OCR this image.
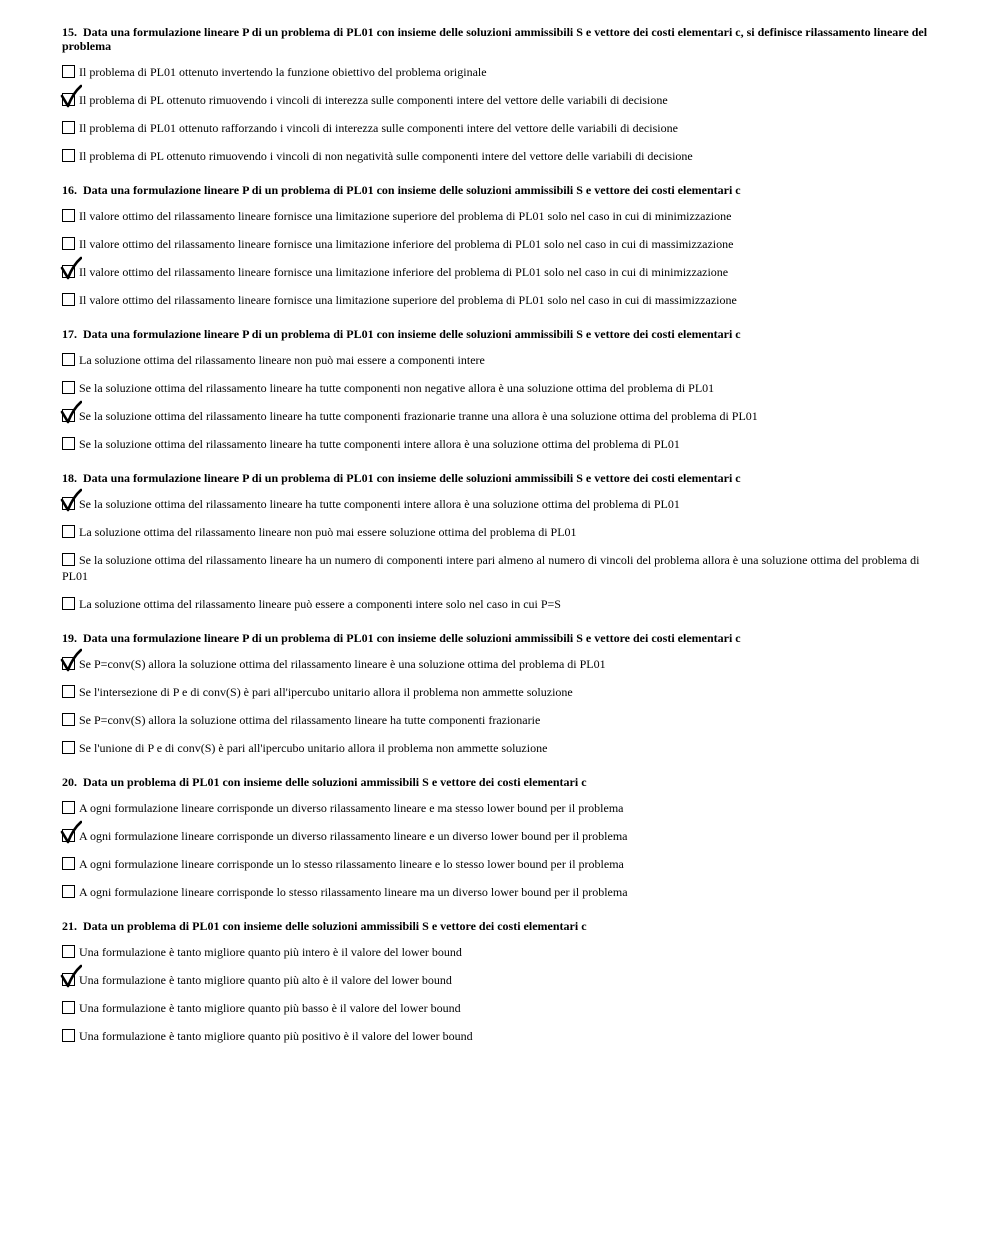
15. Data una formulazione lineare P di un problema di PL01 con insieme delle soluzioni ammissibili S e vettore dei costi elementari c, si definisce rilassamento lineare del problema
Il problema di PL01 ottenuto invertendo la funzione obiettivo del problema originale
Il problema di PL ottenuto rimuovendo i vincoli di interezza sulle componenti intere del vettore delle variabili di decisione
Il problema di PL01 ottenuto rafforzando i vincoli di interezza sulle componenti intere del vettore delle variabili di decisione
Il problema di PL ottenuto rimuovendo i vincoli di non negatività sulle componenti intere del vettore delle variabili di decisione
16. Data una formulazione lineare P di un problema di PL01 con insieme delle soluzioni ammissibili S e vettore dei costi elementari c
Il valore ottimo del rilassamento lineare fornisce una limitazione superiore del problema di PL01 solo nel caso in cui di minimizzazione
Il valore ottimo del rilassamento lineare fornisce una limitazione inferiore del problema di PL01 solo nel caso in cui di massimizzazione
Il valore ottimo del rilassamento lineare fornisce una limitazione inferiore del problema di PL01 solo nel caso in cui di minimizzazione
Il valore ottimo del rilassamento lineare fornisce una limitazione superiore del problema di PL01 solo nel caso in cui di massimizzazione
17. Data una formulazione lineare P di un problema di PL01 con insieme delle soluzioni ammissibili S e vettore dei costi elementari c
La soluzione ottima del rilassamento lineare non può mai essere a componenti intere
Se la soluzione ottima del rilassamento lineare ha tutte componenti non negative allora è una soluzione ottima del problema di PL01
Se la soluzione ottima del rilassamento lineare ha tutte componenti frazionarie tranne una allora è una soluzione ottima del problema di PL01
Se la soluzione ottima del rilassamento lineare ha tutte componenti intere allora è una soluzione ottima del problema di PL01
18. Data una formulazione lineare P di un problema di PL01 con insieme delle soluzioni ammissibili S e vettore dei costi elementari c
Se la soluzione ottima del rilassamento lineare ha tutte componenti intere allora è una soluzione ottima del problema di PL01
La soluzione ottima del rilassamento lineare non può mai essere soluzione ottima del problema di PL01
Se la soluzione ottima del rilassamento lineare ha un numero di componenti intere pari almeno al numero di vincoli del problema allora è una soluzione ottima del problema di PL01
La soluzione ottima del rilassamento lineare può essere a componenti intere solo nel caso in cui P=S
19. Data una formulazione lineare P di un problema di PL01 con insieme delle soluzioni ammissibili S e vettore dei costi elementari c
Se P=conv(S) allora la soluzione ottima del rilassamento lineare è una soluzione ottima del problema di PL01
Se l'intersezione di P e di conv(S) è pari all'ipercubo unitario allora il problema non ammette soluzione
Se P=conv(S) allora la soluzione ottima del rilassamento lineare ha tutte componenti frazionarie
Se l'unione di P e di conv(S) è pari all'ipercubo unitario allora il problema non ammette soluzione
20. Data un problema di PL01 con insieme delle soluzioni ammissibili S e vettore dei costi elementari c
A ogni formulazione lineare corrisponde un diverso rilassamento lineare e ma stesso lower bound per il problema
A ogni formulazione lineare corrisponde un diverso rilassamento lineare e un diverso lower bound per il problema
A ogni formulazione lineare corrisponde un lo stesso rilassamento lineare e lo stesso lower bound per il problema
A ogni formulazione lineare corrisponde lo stesso rilassamento lineare ma un diverso lower bound per il problema
21. Data un problema di PL01 con insieme delle soluzioni ammissibili S e vettore dei costi elementari c
Una formulazione è tanto migliore quanto più intero è il valore del lower bound
Una formulazione è tanto migliore quanto più alto è il valore del lower bound
Una formulazione è tanto migliore quanto più basso è il valore del lower bound
Una formulazione è tanto migliore quanto più positivo è il valore del lower bound
